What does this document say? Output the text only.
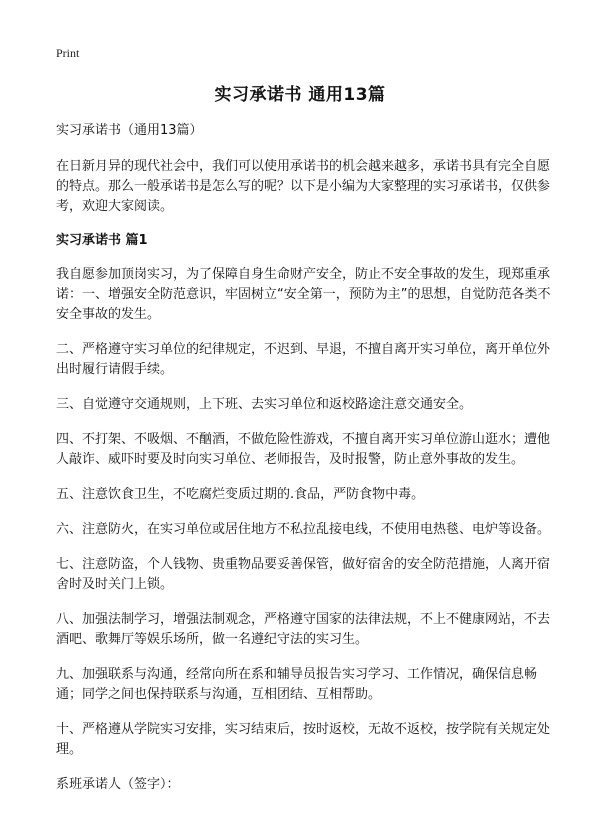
Print
实习承诺书 通用13篇

实习承诺书（通用13篇）

在日新月异的现代社会中，我们可以使用承诺书的机会越来越多，承诺书具有完全自愿的特点。那么一般承诺书是怎么写的呢？以下是小编为大家整理的实习承诺书，仅供参考，欢迎大家阅读。

实习承诺书 篇1

我自愿参加顶岗实习，为了保障自身生命财产安全，防止不安全事故的发生，现郑重承诺：一、增强安全防范意识，牢固树立“安全第一，预防为主”的思想，自觉防范各类不安全事故的发生。

二、严格遵守实习单位的纪律规定，不迟到、早退，不擅自离开实习单位，离开单位外出时履行请假手续。

三、自觉遵守交通规则，上下班、去实习单位和返校路途注意交通安全。

四、不打架、不吸烟、不酗酒，不做危险性游戏，不擅自离开实习单位游山逛水；遭他人敲诈、威吓时要及时向实习单位、老师报告，及时报警，防止意外事故的发生。

五、注意饮食卫生，不吃腐烂变质过期的.食品，严防食物中毒。

六、注意防火，在实习单位或居住地方不私拉乱接电线，不使用电热毯、电炉等设备。

七、注意防盗，个人钱物、贵重物品要妥善保管，做好宿舍的安全防范措施，人离开宿舍时及时关门上锁。

八、加强法制学习，增强法制观念，严格遵守国家的法律法规，不上不健康网站，不去酒吧、歌舞厅等娱乐场所，做一名遵纪守法的实习生。

九、加强联系与沟通，经常向所在系和辅导员报告实习学习、工作情况，确保信息畅通；同学之间也保持联系与沟通，互相团结、互相帮助。

十、严格遵从学院实习安排，实习结束后，按时返校，无故不返校，按学院有关规定处理。

系班承诺人（签字）：
